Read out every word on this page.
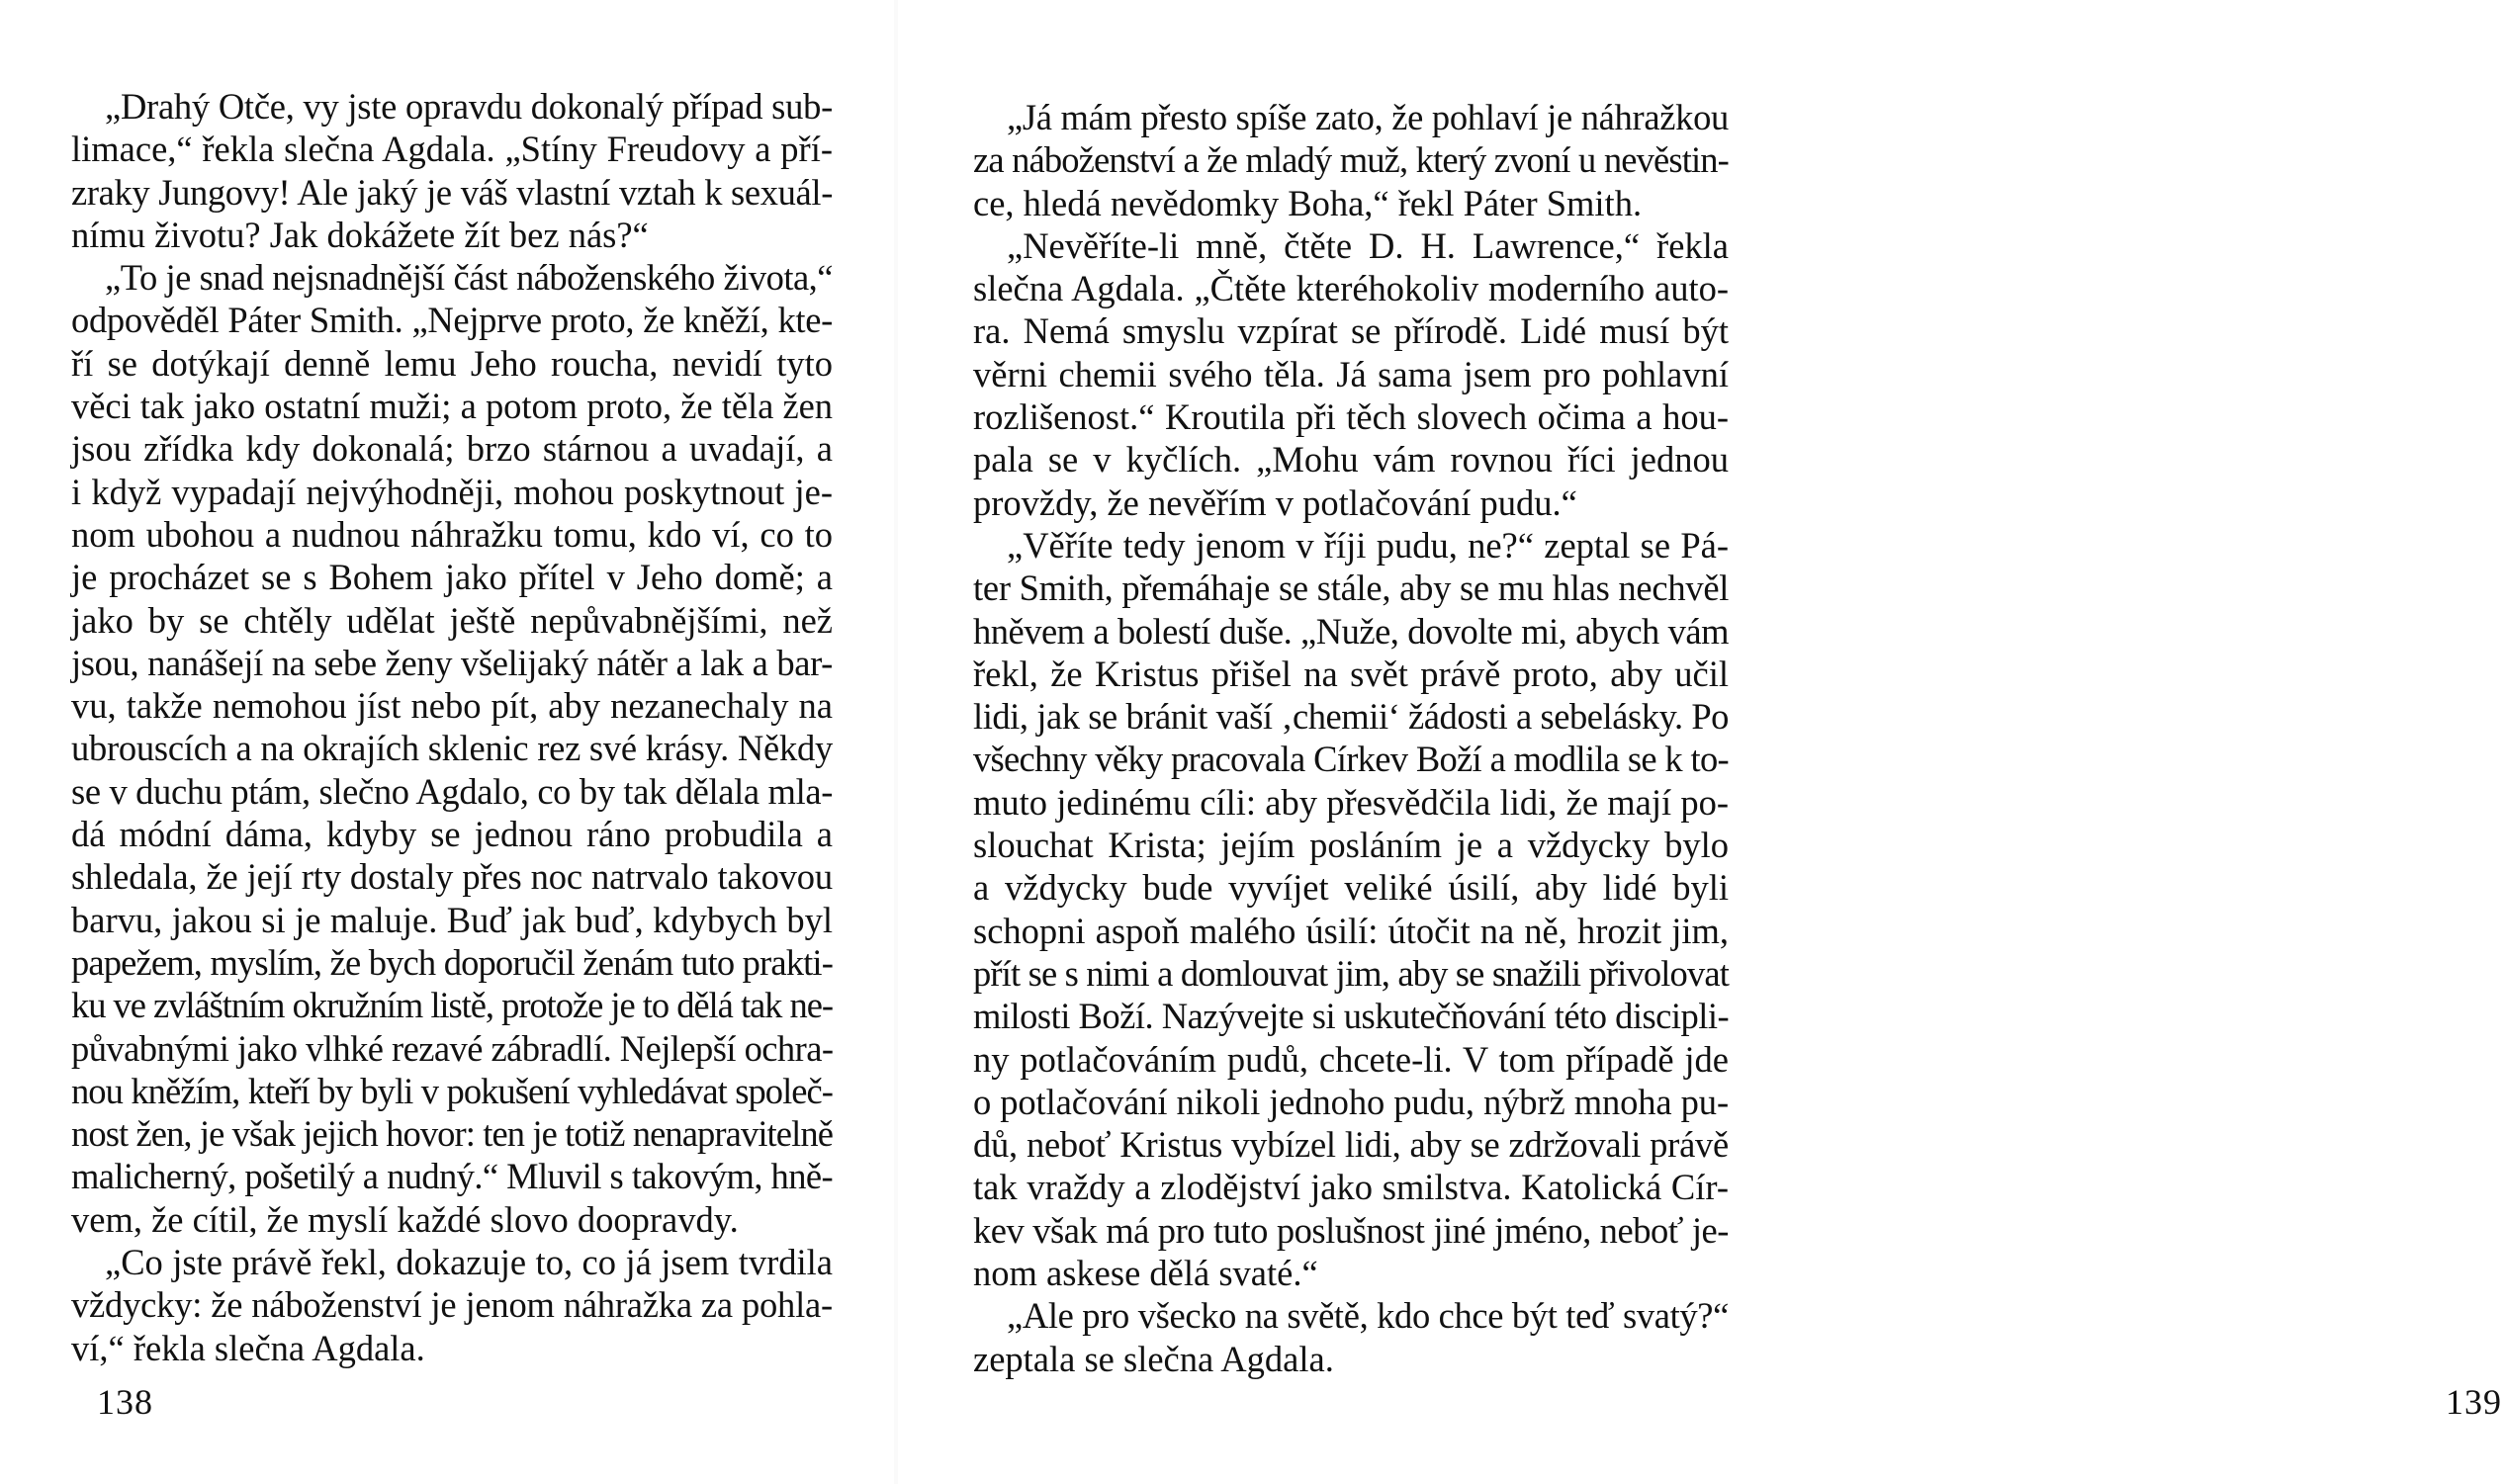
„Drahý Otče, vy jste opravdu dokonalý případ sub-
limace,“ řekla slečna Agdala. „Stíny Freudovy a pří-
zraky Jungovy! Ale jaký je váš vlastní vztah k sexuál-
nímu životu? Jak dokážete žít bez nás?“
„To je snad nejsnadnější část náboženského života,“
odpověděl Páter Smith. „Nejprve proto, že kněží, kte-
ří se dotýkají denně lemu Jeho roucha, nevidí tyto
věci tak jako ostatní muži; a potom proto, že těla žen
jsou zřídka kdy dokonalá; brzo stárnou a uvadají, a
i když vypadají nejvýhodněji, mohou poskytnout je-
nom ubohou a nudnou náhražku tomu, kdo ví, co to
je procházet se s Bohem jako přítel v Jeho domě; a
jako by se chtěly udělat ještě nepůvabnějšími, než
jsou, nanášejí na sebe ženy všelijaký nátěr a lak a bar-
vu, takže nemohou jíst nebo pít, aby nezanechaly na
ubrouscích a na okrajích sklenic rez své krásy. Někdy
se v duchu ptám, slečno Agdalo, co by tak dělala mla-
dá módní dáma, kdyby se jednou ráno probudila a
shledala, že její rty dostaly přes noc natrvalo takovou
barvu, jakou si je maluje. Buď jak buď, kdybych byl
papežem, myslím, že bych doporučil ženám tuto prakti-
ku ve zvláštním okružním listě, protože je to dělá tak ne-
půvabnými jako vlhké rezavé zábradlí. Nejlepší ochra-
nou kněžím, kteří by byli v pokušení vyhledávat společ-
nost žen, je však jejich hovor: ten je totiž nenapravitelně
malicherný, pošetilý a nudný.“ Mluvil s takovým, hně-
vem, že cítil, že myslí každé slovo doopravdy.
„Co jste právě řekl, dokazuje to, co já jsem tvrdila
vždycky: že náboženství je jenom náhražka za pohla-
ví,“ řekla slečna Agdala.
138
„Já mám přesto spíše zato, že pohlaví je náhražkou
za náboženství a že mladý muž, který zvoní u nevěstin-
ce, hledá nevědomky Boha,“ řekl Páter Smith.
„Nevěříte-li mně, čtěte D. H. Lawrence,“ řekla
slečna Agdala. „Čtěte kteréhokoliv moderního auto-
ra. Nemá smyslu vzpírat se přírodě. Lidé musí být
věrni chemii svého těla. Já sama jsem pro pohlavní
rozlišenost.“ Kroutila při těch slovech očima a hou-
pala se v kyčlích. „Mohu vám rovnou říci jednou
provždy, že nevěřím v potlačování pudu.“
„Věříte tedy jenom v říji pudu, ne?“ zeptal se Pá-
ter Smith, přemáhaje se stále, aby se mu hlas nechvěl
hněvem a bolestí duše. „Nuže, dovolte mi, abych vám
řekl, že Kristus přišel na svět právě proto, aby učil
lidi, jak se bránit vaší ‚chemii‘ žádosti a sebelásky. Po
všechny věky pracovala Církev Boží a modlila se k to-
muto jedinému cíli: aby přesvědčila lidi, že mají po-
slouchat Krista; jejím posláním je a vždycky bylo
a vždycky bude vyvíjet veliké úsilí, aby lidé byli
schopni aspoň malého úsilí: útočit na ně, hrozit jim,
přít se s nimi a domlouvat jim, aby se snažili přivolovat
milosti Boží. Nazývejte si uskutečňování této discipli-
ny potlačováním pudů, chcete-li. V tom případě jde
o potlačování nikoli jednoho pudu, nýbrž mnoha pu-
dů, neboť Kristus vybízel lidi, aby se zdržovali právě
tak vraždy a zlodějství jako smilstva. Katolická Cír-
kev však má pro tuto poslušnost jiné jméno, neboť je-
nom askese dělá svaté.“
„Ale pro všecko na světě, kdo chce být teď svatý?“
zeptala se slečna Agdala.
139
